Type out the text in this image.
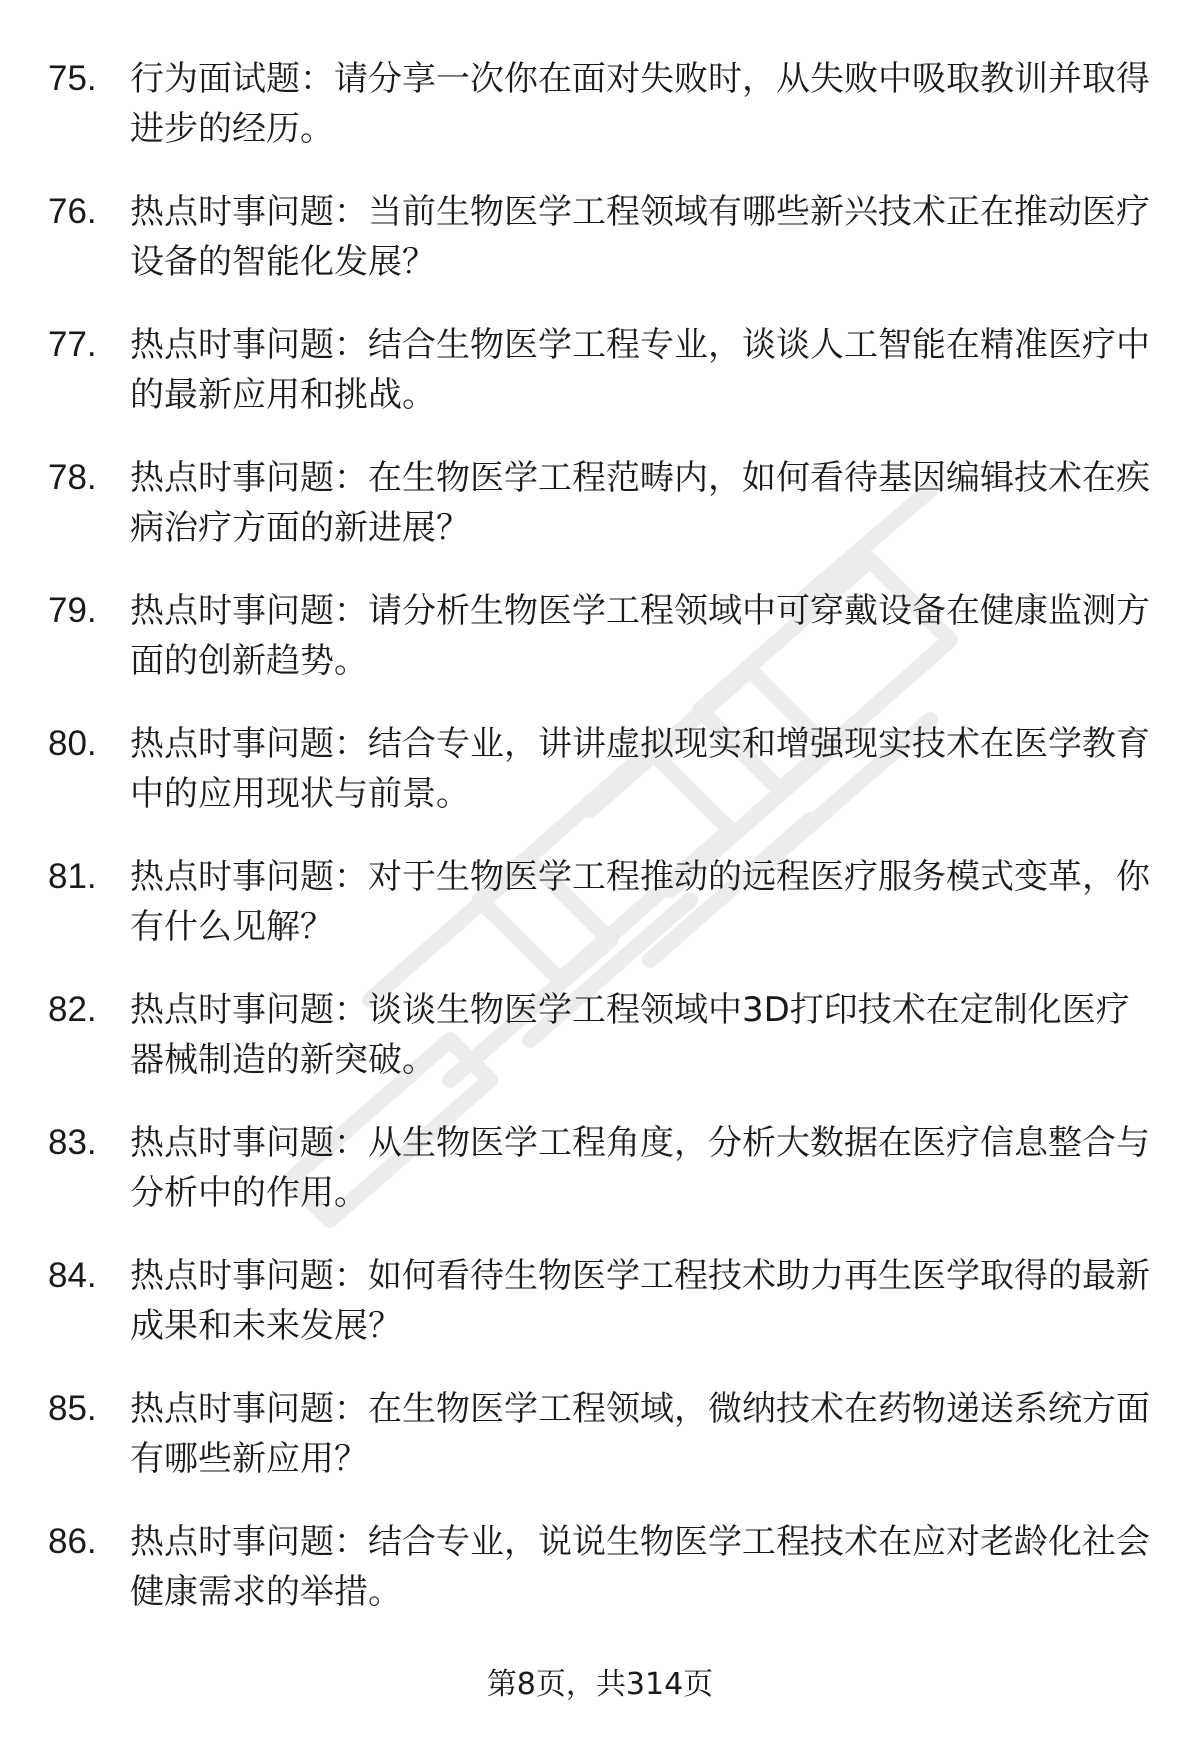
75. 行为面试题：请分享一次你在面对失败时，从失败中吸取教训并取得进步的经历。
76. 热点时事问题：当前生物医学工程领域有哪些新兴技术正在推动医疗设备的智能化发展？
77. 热点时事问题：结合生物医学工程专业，谈谈人工智能在精准医疗中的最新应用和挑战。
78. 热点时事问题：在生物医学工程范畴内，如何看待基因编辑技术在疾病治疗方面的新进展？
79. 热点时事问题：请分析生物医学工程领域中可穿戴设备在健康监测方面的创新趋势。
80. 热点时事问题：结合专业，讲讲虚拟现实和增强现实技术在医学教育中的应用现状与前景。
81. 热点时事问题：对于生物医学工程推动的远程医疗服务模式变革，你有什么见解？
82. 热点时事问题：谈谈生物医学工程领域中3D打印技术在定制化医疗器械制造的新突破。
83. 热点时事问题：从生物医学工程角度，分析大数据在医疗信息整合与分析中的作用。
84. 热点时事问题：如何看待生物医学工程技术助力再生医学取得的最新成果和未来发展？
85. 热点时事问题：在生物医学工程领域，微纳技术在药物递送系统方面有哪些新应用？
86. 热点时事问题：结合专业，说说生物医学工程技术在应对老龄化社会健康需求的举措。
第8页，共314页
